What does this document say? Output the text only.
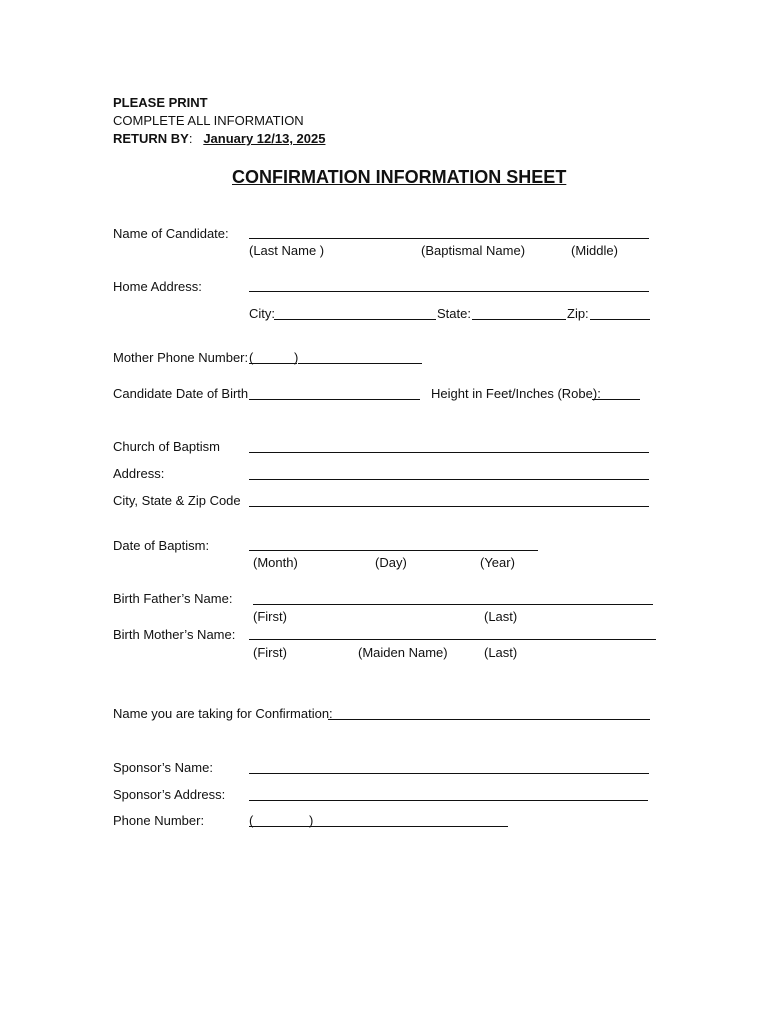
PLEASE PRINT
COMPLETE ALL INFORMATION
RETURN BY: January 12/13, 2025
CONFIRMATION INFORMATION SHEET
Name of Candidate:
(Last Name )	(Baptismal Name)	(Middle)
Home Address:
City:	State:	Zip:
Mother Phone Number: (	)
Candidate Date of Birth	Height in Feet/Inches (Robe):
Church of Baptism
Address:
City, State & Zip Code
Date of Baptism:
(Month)	(Day)	(Year)
Birth Father’s Name:
(First)	(Last)
Birth Mother’s Name:
(First)	(Maiden Name)	(Last)
Name you are taking for Confirmation:
Sponsor’s Name:
Sponsor’s Address:
Phone Number:	(	)
